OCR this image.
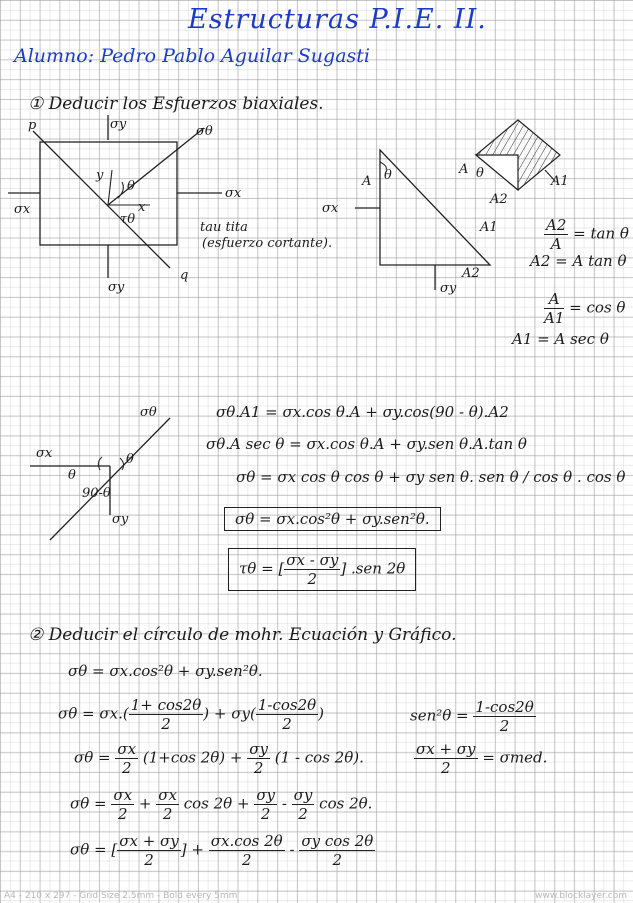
Estructuras P.I.E. II.
Alumno: Pedro Pablo Aguilar Sugasti
① Deducir los Esfuerzos biaxiales.
p	σy	σθ
σx
σx
y
x
θ
τθ
tau tita
(esfuerzo cortante).
σy
q
A θ
σx
A1
A2
σy
A θ
A2
A1
$\frac{A2}{A} = \tan \theta$
A2 = A tan θ
$\frac{A}{A1} = \cos \theta$
A1 = A sec θ
σθ
σx
θ
θ
90-θ
σy
σθ.A1 = σx.cos θ.A + σy.cos(90 - θ).A2
σθ.A sec θ = σx.cos θ.A + σy.sen θ.A.tan θ
σθ = σx cos θ cos θ + σy sen θ. sen θ / cos θ . cos θ
σθ = σx.cos²θ + σy.sen²θ.
τθ = [ $\frac{\sigma x - \sigma y}{2}$ ] .sen 2θ
② Deducir el círculo de mohr. Ecuación y Gráfico.
σθ = σx.cos²θ + σy.sen²θ.
$\sigma\theta = \sigma x.( \frac{1+ \cos 2\theta}{2}$ ) + $\sigma y( \frac{1-\cos 2\theta}{2}$ )	$sen^2\theta = \frac{1-\cos 2\theta}{2}$
$\sigma\theta = \frac{\sigma x}{2} (1+\cos$ $2\theta) + \frac{\sigma y}{2} (1 - \cos 2\theta)$.	$\frac{\sigma x + \sigma y}{2} = \sigma med$.
$\sigma\theta = \frac{\sigma x}{2} + \frac{\sigma x}{2}$ $\cos 2\theta + \frac{\sigma y}{2} - \frac{\sigma y}{2}$ cos 2θ.
σθ = [ $\frac{\sigma x + \sigma y}{2}$ ] + $\frac{\sigma x.\cos 2\theta}{2} - \frac{\text{σy cos 2θ}}{2}$
A4 - 210 x 297 - Grid Size 2.5mm - Bold every 5mm	www.blocklayer.com
